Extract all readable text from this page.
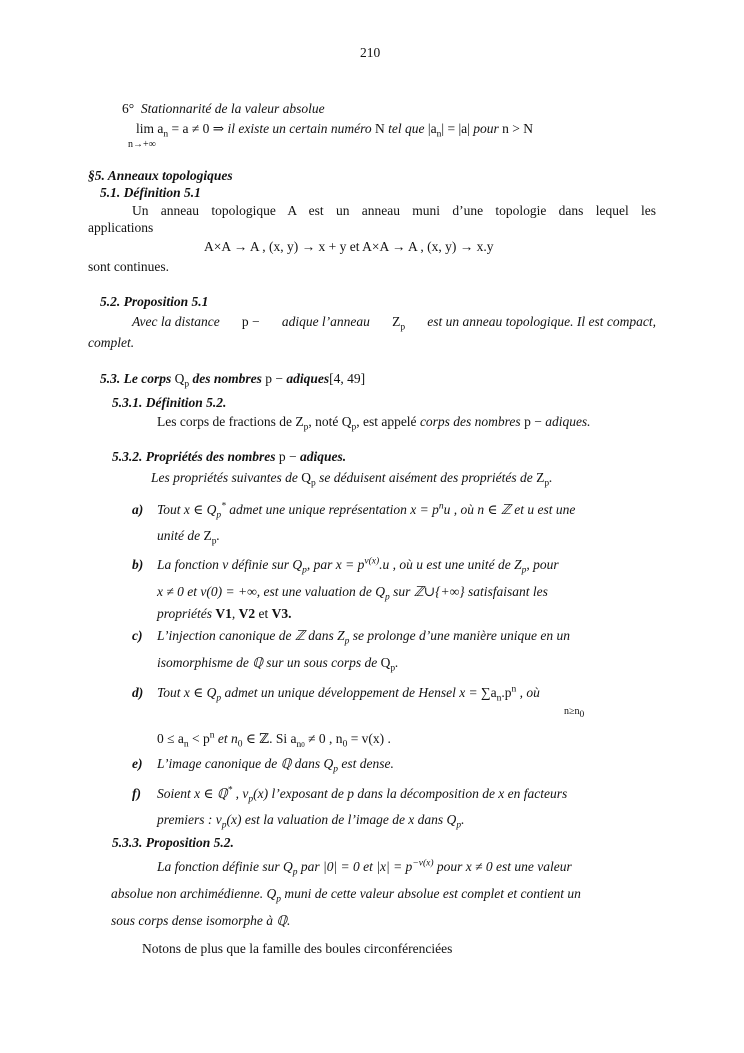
210
6° Stationnarité de la valeur absolue
$\lim a_n = a \ne 0$ ⇒ il existe un certain numéro N tel que $|a_n| = |a|$ pour n > N
n→+∞
§5. Anneaux topologiques
5.1. Définition 5.1
Un anneau topologique A est un anneau muni d’une topologie dans lequel les
applications
A×A → A , (x, y) → x + y et A×A → A , (x, y) → x.y
sont continues.
5.2. Proposition 5.1
Avec la distance p − adique l’anneau $Z_p$ est un anneau topologique. Il est compact,
complet.
5.3. Le corps $Q_p$ des nombres p − adiques[4, 49]
5.3.1. Définition 5.2.
Les corps de fractions de $Z_p$, noté $Q_p$, est appelé corps des nombres p − adiques.
5.3.2. Propriétés des nombres p − adiques.
Les propriétés suivantes de $Q_p$ se déduisent aisément des propriétés de $Z_p$.
a) Tout x ∈ $Q_p^*$ admet une unique représentation $x = p^nu$ , où n ∈ ℤ et u est une
unité de $Z_p$.
b) La fonction v définie sur $Q_p$, par $x = p^{v(x)}.u$ , où u est une unité de $Z_p$, pour
x ≠ 0 et v(0) = +∞, est une valuation de $Q_p$ sur ℤ∪{+∞} satisfaisant les
propriétés V1, V2 et V3.
c) L’injection canonique de ℤ dans $Z_p$ se prolonge d’une manière unique en un
isomorphisme de ℚ sur un sous corps de $Q_p$.
d) Tout x ∈ $Q_p$ admet un unique développement de Hensel $x = \sum a_n.p^n$ , où
$n\ge n_0$
$0 \le a_n < p^n$ et $n_0$ ∈ ℤ. Si $a_{n0} \ne 0$ , $n_0 = v(x)$ .
e) L’image canonique de ℚ dans $Q_p$ est dense.
f) Soient x ∈ ℚ* , $v_p(x)$ l’exposant de p dans la décomposition de x en facteurs
premiers : $v_p(x)$ est la valuation de l’image de x dans $Q_p$.
5.3.3. Proposition 5.2.
La fonction définie sur $Q_p$ par |0| = 0 et $|x| = p^{-v(x)}$ pour x ≠ 0 est une valeur
absolue non archimédienne. $Q_p$ muni de cette valeur absolue est complet et contient un
sous corps dense isomorphe à ℚ.
Notons de plus que la famille des boules circonférenciées
